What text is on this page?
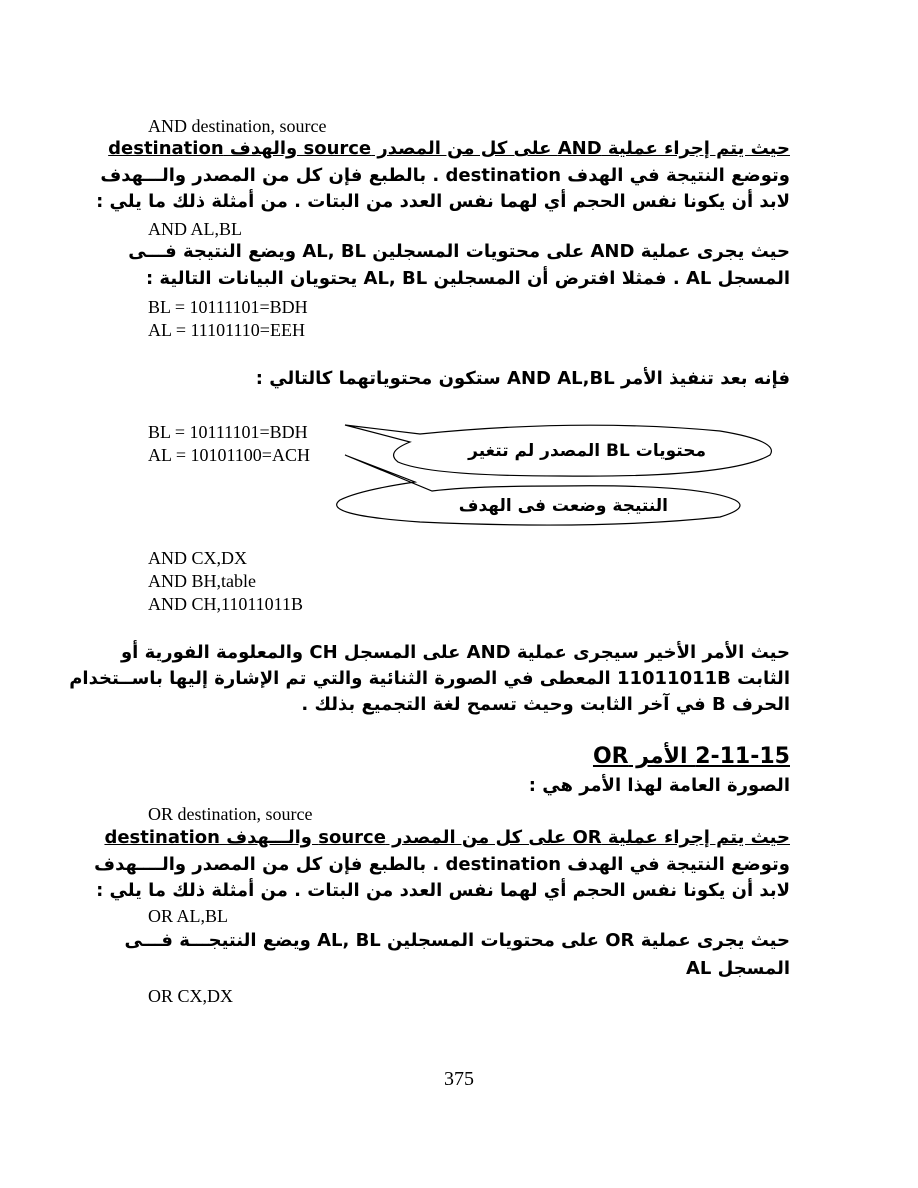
AND destination, source
حيث يتم إجراء عملية AND على كل من المصدر source والهدف destination
وتوضع النتيجة في الهدف destination . بالطبع فإن كل من المصدر والـــهدف
لابد أن يكونا نفس الحجم أي لهما نفس العدد من البتات . من أمثلة ذلك ما يلي :
AND AL,BL
حيث يجرى عملية AND على محتويات المسجلين AL, BL ويضع النتيجة فـــى
المسجل AL . فمثلا افترض أن المسجلين AL, BL يحتويان البيانات التالية :
BL = 10111101=BDH
AL = 11101110=EEH
فإنه بعد تنفيذ الأمر AND AL,BL ستكون محتوياتهما كالتالي :
BL = 10111101=BDH
AL = 10101100=ACH	محتويات BL المصدر لم تتغير
النتيجة وضعت فى الهدف
AND CX,DX
AND BH,table
AND CH,11011011B
حيث الأمر الأخير سيجرى عملية AND على المسجل CH والمعلومة الفورية أو
الثابت 11011011B المعطى في الصورة الثنائية والتي تم الإشارة إليها باســتخدام
الحرف B في آخر الثابت وحيث تسمح لغة التجميع بذلك .
2-11-15 الأمر OR
الصورة العامة لهذا الأمر هي :
OR destination, source
حيث يتم إجراء عملية OR على كل من المصدر source والـــهدف destination
وتوضع النتيجة في الهدف destination . بالطبع فإن كل من المصدر والــــهدف
لابد أن يكونا نفس الحجم أي لهما نفس العدد من البتات . من أمثلة ذلك ما يلي :
OR AL,BL
حيث يجرى عملية OR على محتويات المسجلين AL, BL ويضع النتيجـــة فـــى
المسجل AL
OR CX,DX
375
